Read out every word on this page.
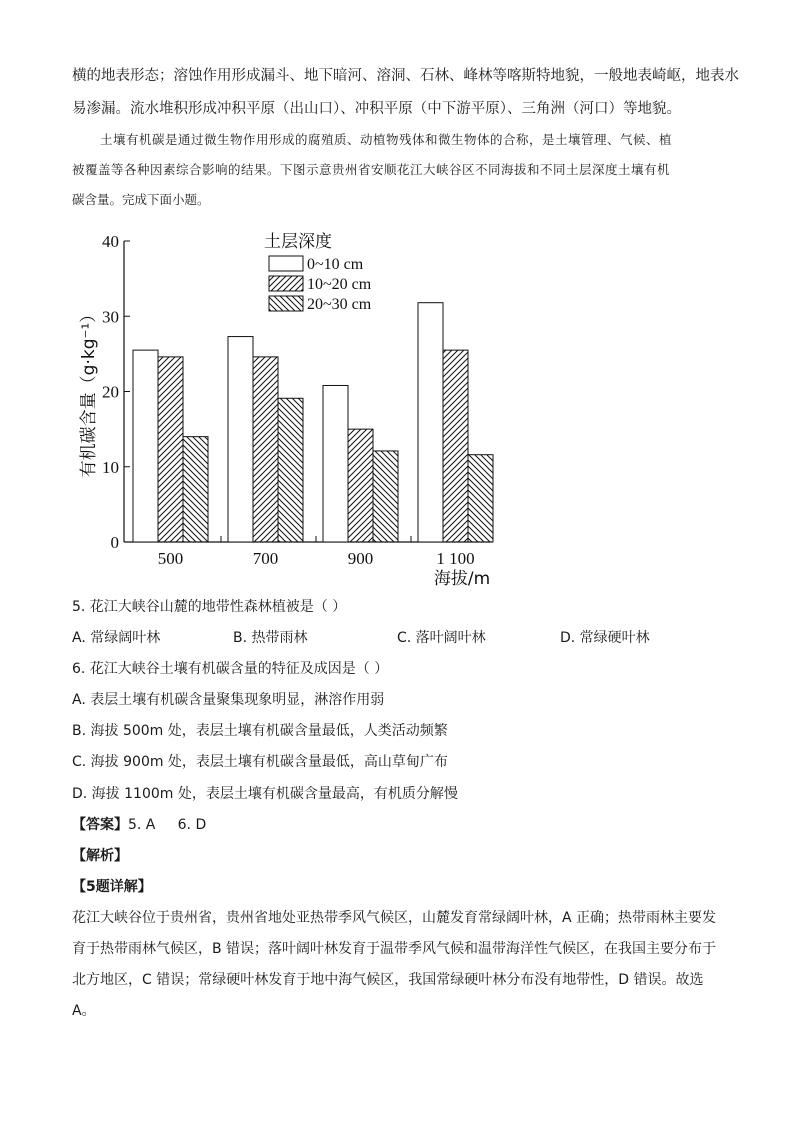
横的地表形态；溶蚀作用形成漏斗、地下暗河、溶洞、石林、峰林等喀斯特地貌，一般地表崎岖，地表水
易渗漏。流水堆积形成冲积平原（出山口）、冲积平原（中下游平原）、三角洲（河口）等地貌。
土壤有机碳是通过微生物作用形成的腐殖质、动植物残体和微生物体的合称，是土壤管理、气候、植
被覆盖等各种因素综合影响的结果。下图示意贵州省安顺花江大峡谷区不同海拔和不同土层深度土壤有机
碳含量。完成下面小题。
0
10
20
30
40
有机碳含量（g·kg⁻¹）
500	700	900	1 100
海拔/m
土层深度
0~10 cm
10~20 cm
20~30 cm
5. 花江大峡谷山麓的地带性森林植被是（ ）
A. 常绿阔叶林	B. 热带雨林	C. 落叶阔叶林	D. 常绿硬叶林
6. 花江大峡谷土壤有机碳含量的特征及成因是（ ）
A. 表层土壤有机碳含量聚集现象明显，淋溶作用弱
B. 海拔 500m 处，表层土壤有机碳含量最低，人类活动频繁
C. 海拔 900m 处，表层土壤有机碳含量最低，高山草甸广布
D. 海拔 1100m 处，表层土壤有机碳含量最高，有机质分解慢
【答案】5. A     6. D
【解析】
【5题详解】
花江大峡谷位于贵州省，贵州省地处亚热带季风气候区，山麓发育常绿阔叶林，A 正确；热带雨林主要发
育于热带雨林气候区，B 错误；落叶阔叶林发育于温带季风气候和温带海洋性气候区，在我国主要分布于
北方地区，C 错误；常绿硬叶林发育于地中海气候区，我国常绿硬叶林分布没有地带性，D 错误。故选
A。
